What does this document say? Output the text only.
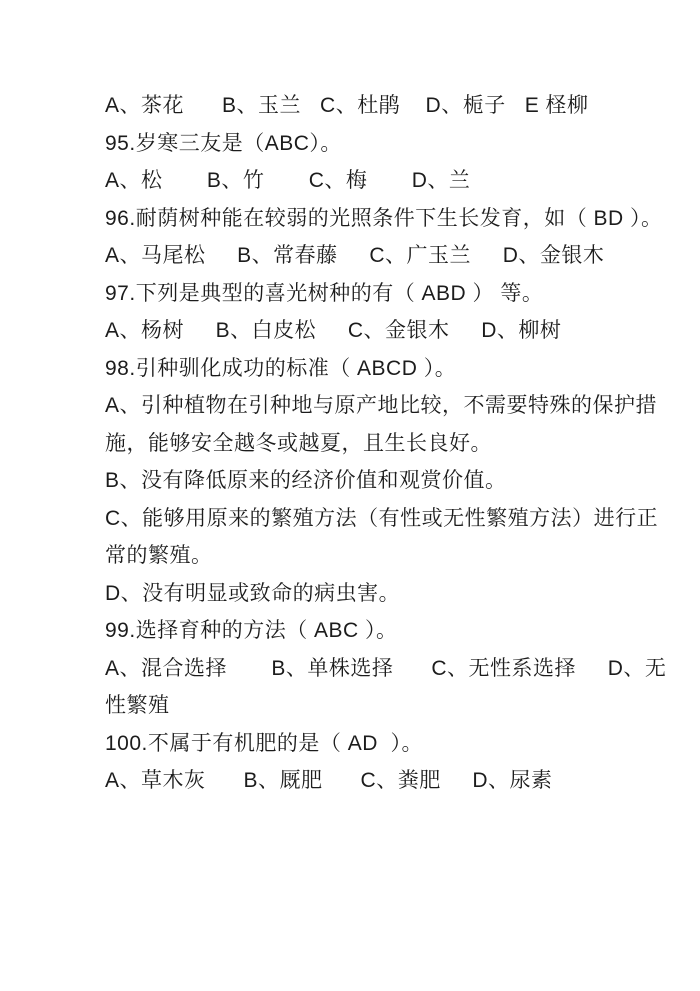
A、茶花      B、玉兰   C、杜鹃    D、栀子   E 柽柳
95.岁寒三友是（ABC）。
A、松       B、竹       C、梅       D、兰
96.耐荫树种能在较弱的光照条件下生长发育，如（ BD ）。
A、马尾松     B、常春藤     C、广玉兰     D、金银木
97.下列是典型的喜光树种的有（ ABD ） 等。
A、杨树     B、白皮松     C、金银木     D、柳树
98.引种驯化成功的标准（ ABCD ）。
A、引种植物在引种地与原产地比较，不需要特殊的保护措
施，能够安全越冬或越夏，且生长良好。
B、没有降低原来的经济价值和观赏价值。
C、能够用原来的繁殖方法（有性或无性繁殖方法）进行正
常的繁殖。
D、没有明显或致命的病虫害。
99.选择育种的方法（ ABC ）。
A、混合选择       B、单株选择      C、无性系选择     D、无
性繁殖
100.不属于有机肥的是（ AD  ）。
A、草木灰      B、厩肥      C、粪肥     D、尿素
